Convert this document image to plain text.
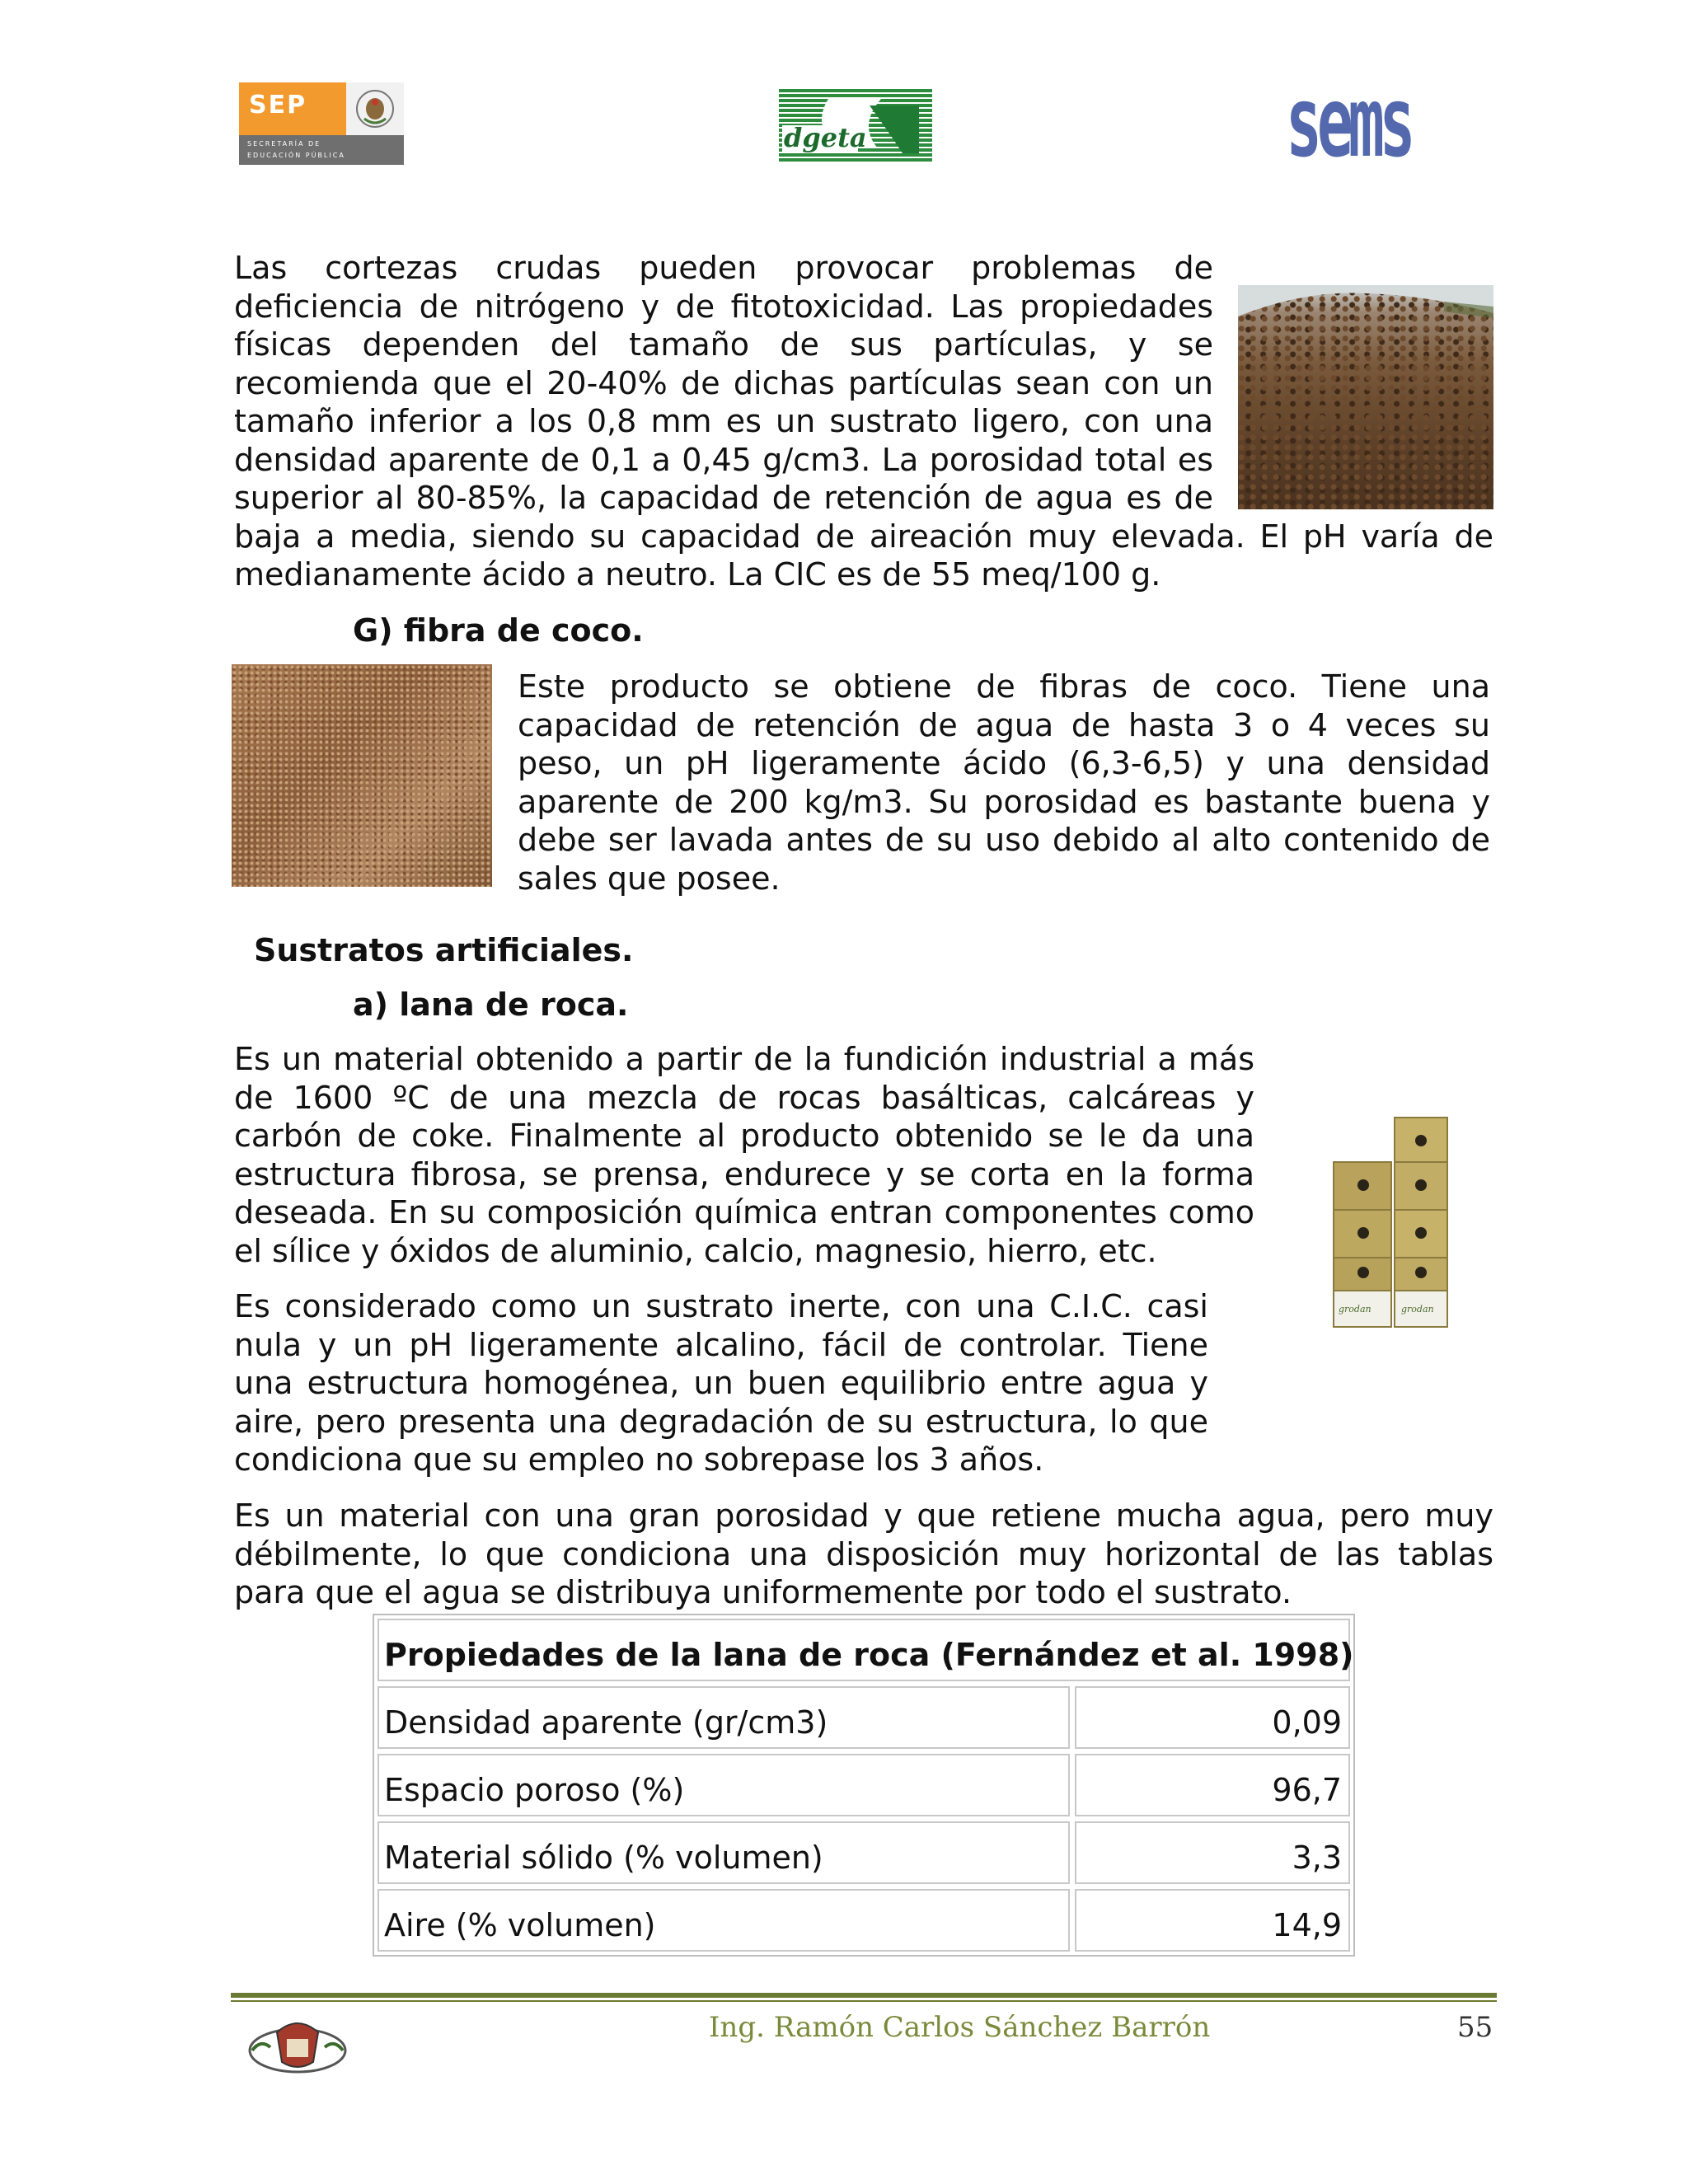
SEP
SECRETARÍA DE
EDUCACIÓN PÚBLICA
dgeta	sems
Las cortezas crudas pueden provocar problemas de deficiencia de nitrógeno y de fitotoxicidad. Las propiedades físicas dependen del tamaño de sus partículas, y se recomienda que el 20-40% de dichas partículas sean con un tamaño inferior a los 0,8 mm es un sustrato ligero, con una densidad aparente de 0,1 a 0,45 g/cm3. La porosidad total es superior al 80-85%, la capacidad de retención de agua es de baja a media, siendo su capacidad de aireación muy elevada. El pH varía de medianamente ácido a neutro. La CIC es de 55 meq/100 g.
G) fibra de coco.
Este producto se obtiene de fibras de coco. Tiene una capacidad de retención de agua de hasta 3 o 4 veces su peso, un pH ligeramente ácido (6,3-6,5) y una densidad aparente de 200 kg/m3. Su porosidad es bastante buena y debe ser lavada antes de su uso debido al alto contenido de sales que posee.
Sustratos artificiales.
a) lana de roca.
grodan	grodan
Es un material obtenido a partir de la fundición industrial a más de 1600 ºC de una mezcla de rocas basálticas, calcáreas y carbón de coke. Finalmente al producto obtenido se le da una estructura fibrosa, se prensa, endurece y se corta en la forma deseada. En su composición química entran componentes como el sílice y óxidos de aluminio, calcio, magnesio, hierro, etc.
Es considerado como un sustrato inerte, con una C.I.C. casi nula y un pH ligeramente alcalino, fácil de controlar. Tiene una estructura homogénea, un buen equilibrio entre agua y aire, pero presenta una degradación de su estructura, lo que condiciona que su empleo no sobrepase los 3 años.
Es un material con una gran porosidad y que retiene mucha agua, pero muy débilmente, lo que condiciona una disposición muy horizontal de las tablas para que el agua se distribuya uniformemente por todo el sustrato.
Propiedades de la lana de roca (Fernández et al. 1998)
Densidad aparente (gr/cm3)	0,09
Espacio poroso (%)	96,7
Material sólido (% volumen)	3,3
Aire (% volumen)	14,9
Ing. Ramón Carlos Sánchez Barrón	55
